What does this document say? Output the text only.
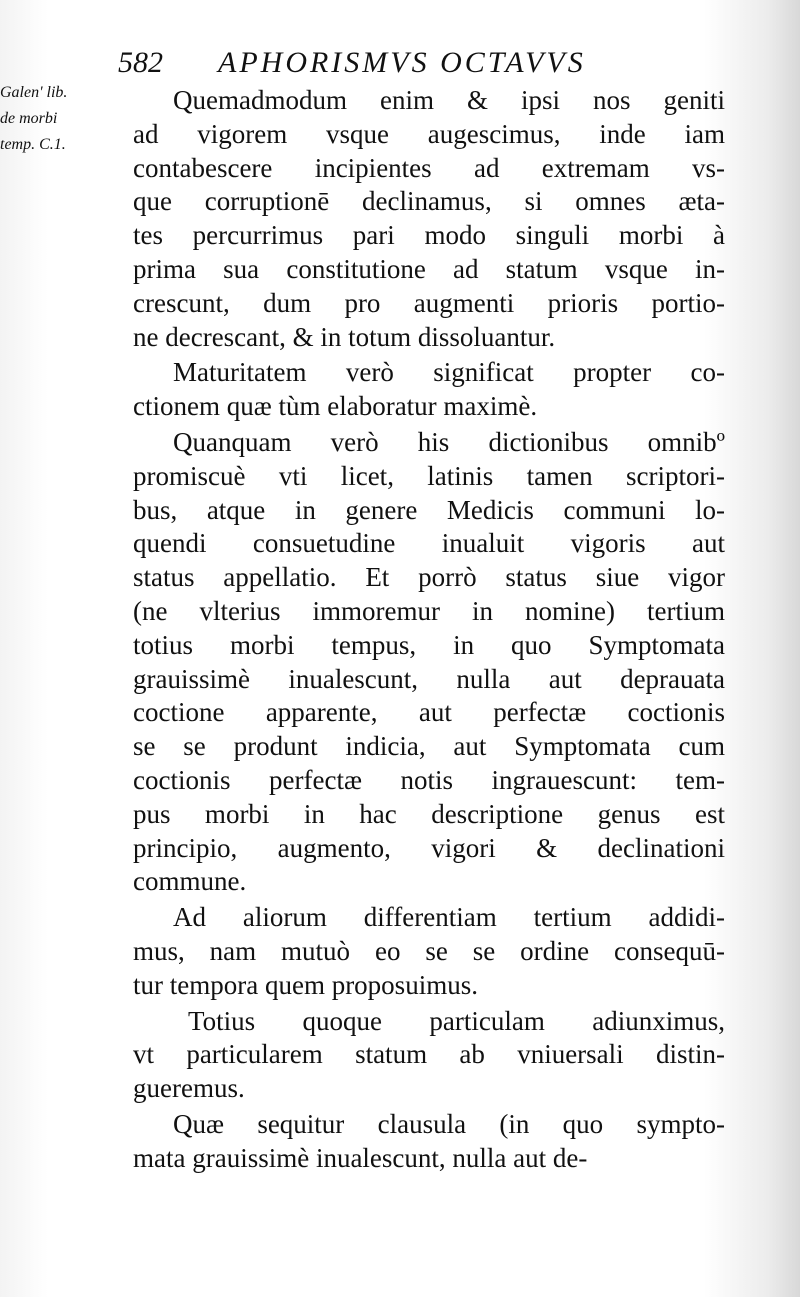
582 APHORISMVS OCTAVVS
Galen' lib.
de morbi
temp. C.1.
Quemadmodum enim & ipsi nos geniti
ad vigorem vsque augescimus, inde iam
contabescere incipientes ad extremam vs-
que corruptionē declinamus, si omnes æta-
tes percurrimus pari modo singuli morbi à
prima sua constitutione ad statum vsque in-
crescunt, dum pro augmenti prioris portio-
ne decrescant, & in totum dissoluantur.
Maturitatem verò significat propter co-
ctionem quæ tùm elaboratur maximè.
Quanquam verò his dictionibus omnibº
promiscuè vti licet, latinis tamen scriptori-
bus, atque in genere Medicis communi lo-
quendi consuetudine inualuit vigoris aut
status appellatio. Et porrò status siue vigor
(ne vlterius immoremur in nomine) tertium
totius morbi tempus, in quo Symptomata
grauissimè inualescunt, nulla aut deprauata
coctione apparente, aut perfectæ coctionis
se se produnt indicia, aut Symptomata cum
coctionis perfectæ notis ingrauescunt: tem-
pus morbi in hac descriptione genus est
principio, augmento, vigori & declinationi
commune.
Ad aliorum differentiam tertium addidi-
mus, nam mutuò eo se se ordine consequū-
tur tempora quem proposuimus.
Totius quoque particulam adiunximus,
vt particularem statum ab vniuersali distin-
gueremus.
Quæ sequitur clausula (in quo sympto-
mata grauissimè inualescunt, nulla aut de-
